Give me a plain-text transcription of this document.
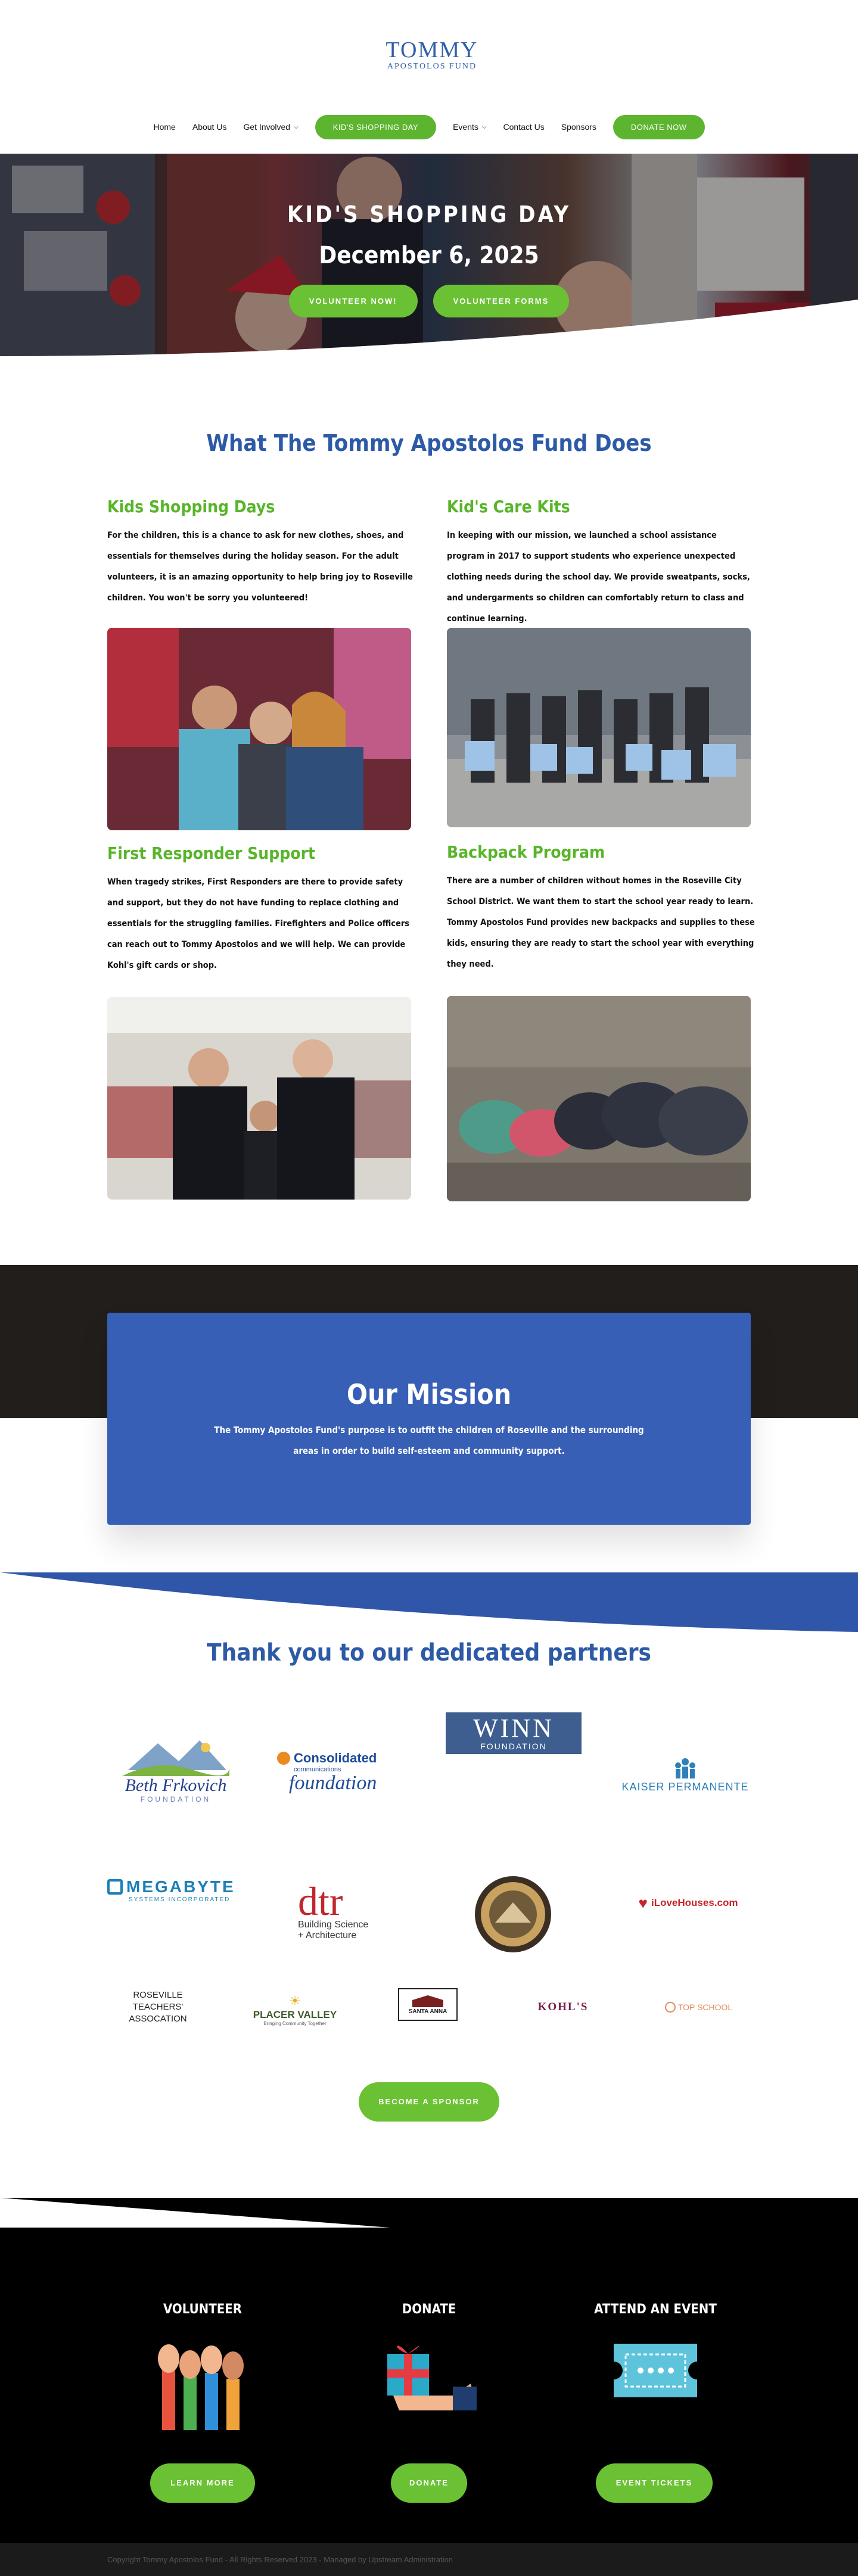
TOMMY
APOSTOLOS FUND
Home About Us Get Involved ⌵	KID'S SHOPPING DAY	Events ⌵ Contact Us Sponsors	DONATE NOW
KID'S SHOPPING DAY
December 6, 2025
VOLUNTEER NOW!	VOLUNTEER FORMS
What The Tommy Apostolos Fund Does
Kids Shopping Days
For the children, this is a chance to ask for new clothes, shoes, and essentials for themselves during the holiday season. For the adult volunteers, it is an amazing opportunity to help bring joy to Roseville children. You won't be sorry you volunteered!
Kid's Care Kits
In keeping with our mission, we launched a school assistance program in 2017 to support students who experience unexpected clothing needs during the school day. We provide sweatpants, socks, and undergarments so children can comfortably return to class and continue learning.
First Responder Support
When tragedy strikes, First Responders are there to provide safety and support, but they do not have funding to replace clothing and essentials for the struggling families. Firefighters and Police officers can reach out to Tommy Apostolos and we will help. We can provide Kohl's gift cards or shop.
Backpack Program
There are a number of children without homes in the Roseville City School District. We want them to start the school year ready to learn. Tommy Apostolos Fund provides new backpacks and supplies to these kids, ensuring they are ready to start the school year with everything they need.
Our Mission
The Tommy Apostolos Fund's purpose is to outfit the children of Roseville and the surrounding areas in order to build self-esteem and community support.
Thank you to our dedicated partners
Beth Frkovich
FOUNDATION
Consolidated
communications
foundation
WINN
FOUNDATION
KAISER PERMANENTE
MEGABYTE
SYSTEMS INCORPORATED dtr
Building Science + Architecture
♥ iLoveHouses.com
ROSEVILLE TEACHERS' ASSOCATION
☀
PLACER VALLEY
Bringing Community Together
SANTA ANNA	KOHL'S	TOP SCHOOL
BECOME A SPONSOR
VOLUNTEER
LEARN MORE
DONATE
DONATE
ATTEND AN EVENT
EVENT TICKETS
Copyright Tommy Apostolos Fund - All Rights Reserved 2023 - Managed by Upstream Administration
